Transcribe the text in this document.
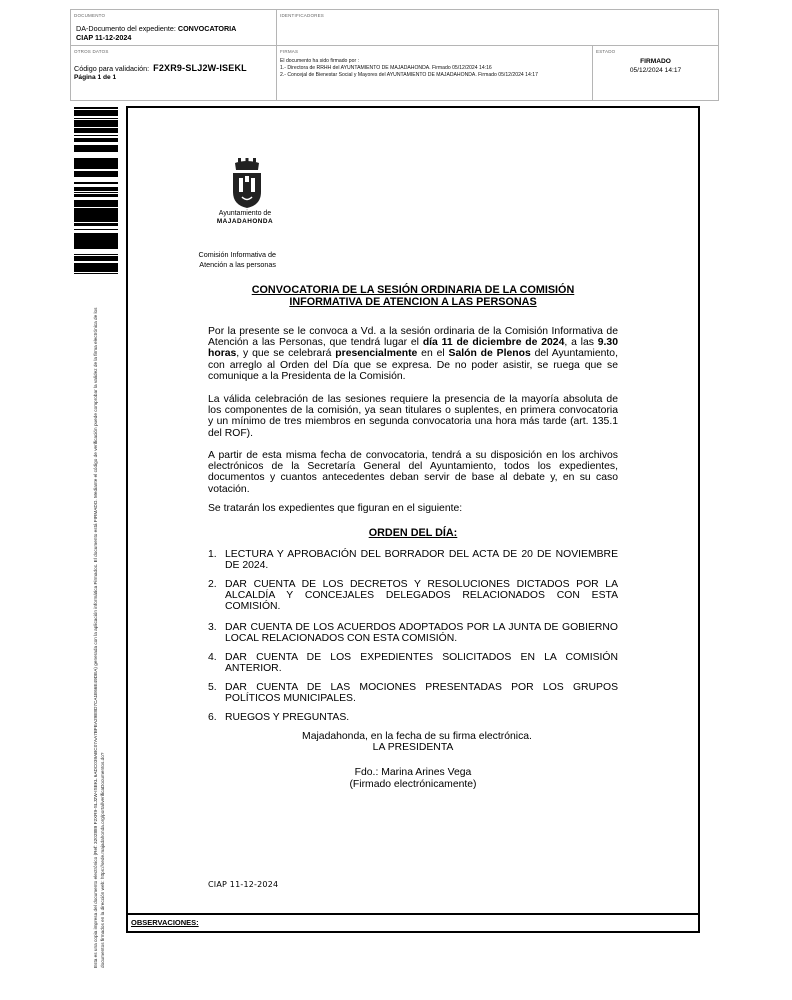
DOCUMENTO
DA-Documento del expediente: CONVOCATORIA
CIAP 11-12-2024
IDENTIFICADORES
OTROS DATOS
Código para validación: F2XR9-SLJ2W-ISEKL
Página 1 de 1
FIRMAS
El documento ha sido firmado por :
1.- Directora de RRHH del AYUNTAMIENTO DE MAJADAHONDA. Firmado 05/12/2024 14:16
2.- Concejal de Bienestar Social y Mayores del AYUNTAMIENTO DE MAJADAHONDA. Firmado 05/12/2024 14:17
ESTADO
FIRMADO
05/12/2024 14:17
Esta es una copia impresa del documento electrónico (Ref: 3202889 F2XR9-SLJ2W-ISEKL 6ADC039ABC07AA7BFEA29E8D7CA1E66E49DEA) generada con la aplicación informática Firmadoc. El documento está FIRMADO. Mediante el código de verificación puede comprobar la validez de la firma electrónica de los documentos firmados en la dirección web: https://sede.majadahonda.org/portal/verificaDocumentos.do?	OBSERVACIONES:
Ayuntamiento de
MAJADAHONDA
Comisión Informativa de
Atención a las personas
CONVOCATORIA DE LA SESIÓN ORDINARIA DE LA COMISIÓN
INFORMATIVA DE ATENCION A LAS PERSONAS
Por la presente se le convoca a Vd. a la sesión ordinaria de la Comisión Informativa de Atención a las Personas, que tendrá lugar el día 11 de diciembre de 2024, a las 9.30 horas, y que se celebrará presencialmente en el Salón de Plenos del Ayuntamiento, con arreglo al Orden del Día que se expresa. De no poder asistir, se ruega que se comunique a la Presidenta de la Comisión.
La válida celebración de las sesiones requiere la presencia de la mayoría absoluta de los componentes de la comisión, ya sean titulares o suplentes, en primera convocatoria y un mínimo de tres miembros en segunda convocatoria una hora más tarde (art. 135.1 del ROF).
A partir de esta misma fecha de convocatoria, tendrá a su disposición en los archivos electrónicos de la Secretaría General del Ayuntamiento, todos los expedientes, documentos y cuantos antecedentes deban servir de base al debate y, en su caso votación.
Se tratarán los expedientes que figuran en el siguiente:
ORDEN DEL DÍA:
1. LECTURA Y APROBACIÓN DEL BORRADOR DEL ACTA DE 20 DE NOVIEMBRE DE 2024.
2. DAR CUENTA DE LOS DECRETOS Y RESOLUCIONES DICTADOS POR LA ALCALDÍA Y CONCEJALES DELEGADOS RELACIONADOS CON ESTA COMISIÓN.
3. DAR CUENTA DE LOS ACUERDOS ADOPTADOS POR LA JUNTA DE GOBIERNO LOCAL RELACIONADOS CON ESTA COMISIÓN.
4. DAR CUENTA DE LOS EXPEDIENTES SOLICITADOS EN LA COMISIÓN ANTERIOR.
5. DAR CUENTA DE LAS MOCIONES PRESENTADAS POR LOS GRUPOS POLÍTICOS MUNICIPALES.
6. RUEGOS Y PREGUNTAS.
Majadahonda, en la fecha de su firma electrónica.
LA PRESIDENTA
Fdo.: Marina Arines Vega
(Firmado electrónicamente)
CIAP 11-12-2024
